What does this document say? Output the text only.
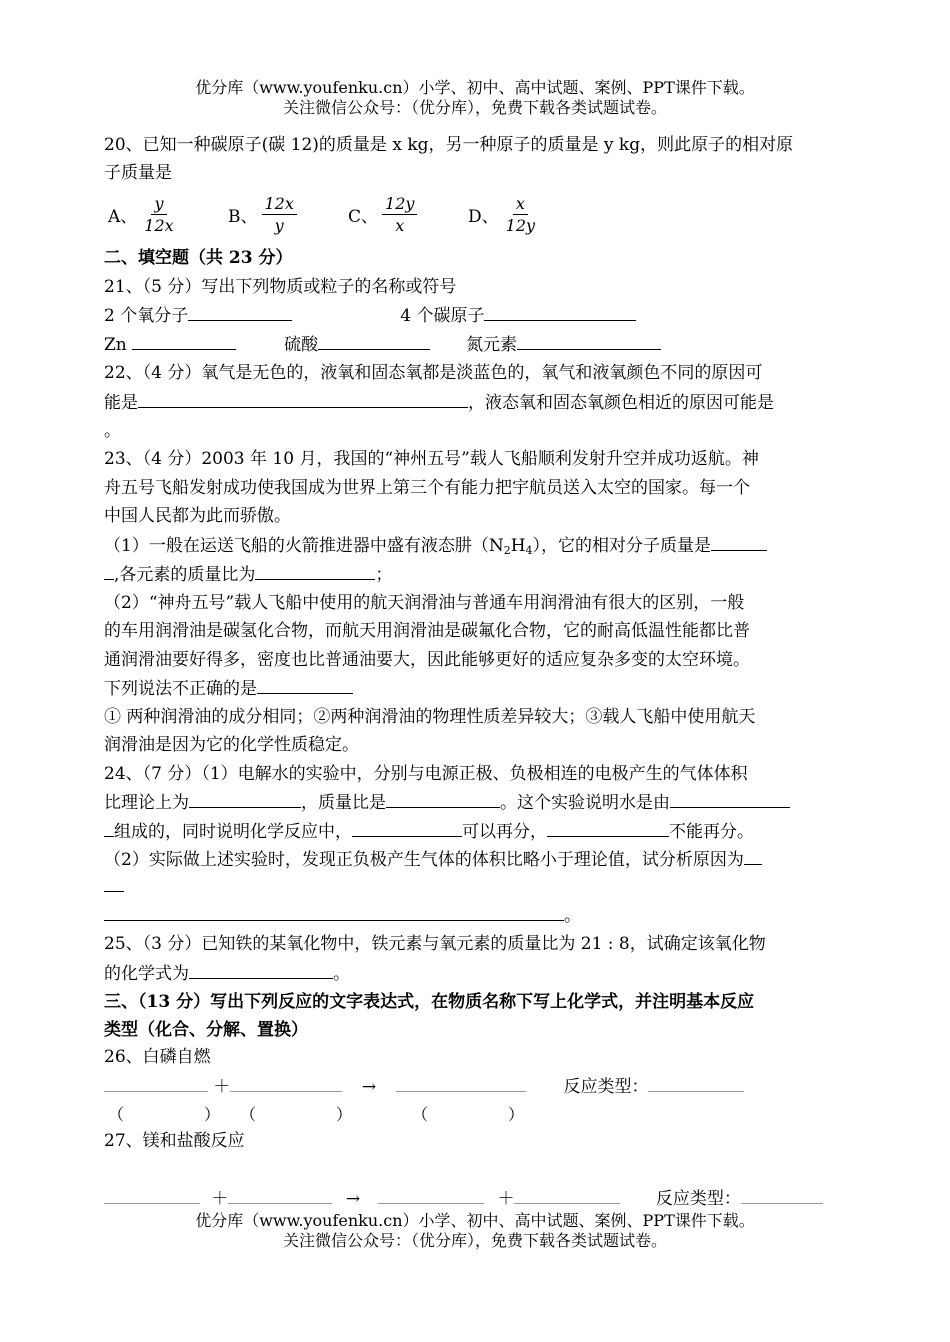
优分库（www.youfenku.cn）小学、初中、高中试题、案例、PPT课件下载。
关注微信公众号：（优分库），免费下载各类试题试卷。
20、已知一种碳原子(碳 12)的质量是 x kg，另一种原子的质量是 y kg，则此原子的相对原
子质量是
A、 $\frac{y}{12x}$	B、 $\frac{12x}{y}$	C、 $\frac{12y}{x}$	D、 $\frac{x}{12y}$
二、填空题（共 23 分）
21、（5 分）写出下列物质或粒子的名称或符号
2 个氧分子	4 个碳原子
Zn	硫酸	氮元素
22、（4 分）氧气是无色的，液氧和固态氧都是淡蓝色的，氧气和液氧颜色不同的原因可
能是	，液态氧和固态氧颜色相近的原因可能是
。
23、（4 分）2003 年 10 月，我国的“神州五号”载人飞船顺利发射升空并成功返航。神
舟五号飞船发射成功使我国成为世界上第三个有能力把宇航员送入太空的国家。每一个
中国人民都为此而骄傲。
（1）一般在运送飞船的火箭推进器中盛有液态肼$(N_2H_4)$，它的相对分子质量是
,各元素的质量比为	；
（2）“神舟五号”载人飞船中使用的航天润滑油与普通车用润滑油有很大的区别，一般
的车用润滑油是碳氢化合物，而航天用润滑油是碳氟化合物，它的耐高低温性能都比普
通润滑油要好得多，密度也比普通油要大，因此能够更好的适应复杂多变的太空环境。
下列说法不正确的是
① 两种润滑油的成分相同；②两种润滑油的物理性质差异较大；③载人飞船中使用航天
润滑油是因为它的化学性质稳定。
24、（7 分）（1）电解水的实验中，分别与电源正极、负极相连的电极产生的气体体积
比理论上为	，质量比是	。这个实验说明水是由
组成的，同时说明化学反应中，	可以再分，	不能再分。
（2）实际做上述实验时，发现正负极产生气体的体积比略小于理论值，试分析原因为
。
25、（3 分）已知铁的某氧化物中，铁元素与氧元素的质量比为 21 : 8，试确定该氧化物
的化学式为	。
三、（13 分）写出下列反应的文字表达式，在物质名称下写上化学式，并注明基本反应
类型（化合、分解、置换）
26、白磷自燃
＋	→	反应类型：
（　　　　　） （　　　　　）	（　　　　　）
27、镁和盐酸反应
＋	→	＋	反应类型：
优分库（www.youfenku.cn）小学、初中、高中试题、案例、PPT课件下载。
关注微信公众号：（优分库），免费下载各类试题试卷。
